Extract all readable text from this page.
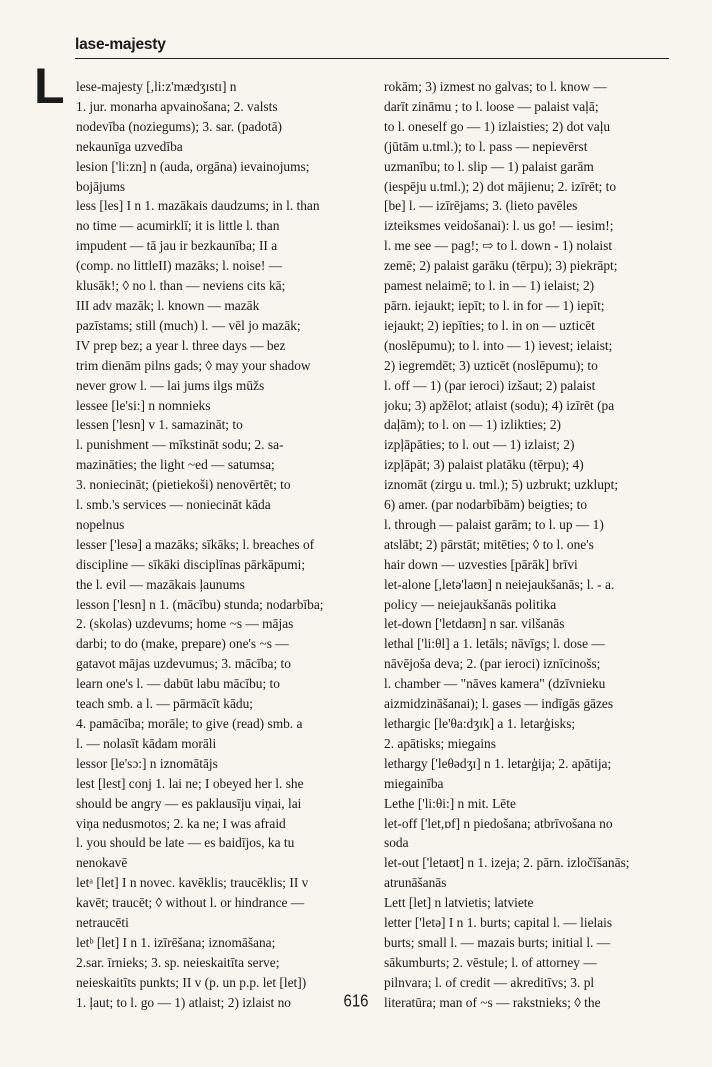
lase-majesty
L lese-majesty [,li:z'mædʒɪstɪ] n
1. jur. monarha apvainošana; 2. valsts
nodevība (noziegums); 3. sar. (padotā)
nekaunīga uzvedība
lesion ['li:zn] n (auda, orgāna) ievainojums;
bojājums
less [les] I n 1. mazākais daudzums; in l. than
no time — acumirklī; it is little l. than
impudent — tā jau ir bezkaunība; II a
(comp. no littleII) mazāks; l. noise! —
klusāk!; ◊ no l. than — neviens cits kā;
III adv mazāk; l. known — mazāk
pazīstams; still (much) l. — vēl jo mazāk;
IV prep bez; a year l. three days — bez
trim dienām pilns gads; ◊ may your shadow
never grow l. — lai jums ilgs mūžs
lessee [le'si:] n nomnieks
lessen ['lesn] v 1. samazināt; to
l. punishment — mīkstināt sodu; 2. sa-
mazināties; the light ~ed — satumsa;
3. noniecināt; (pietiekoši) nenovērtēt; to
l. smb.'s services — noniecināt kāda
nopelnus
lesser ['lesə] a mazāks; sīkāks; l. breaches of
discipline — sīkāki disciplīnas pārkāpumi;
the l. evil — mazākais ļaunums
lesson ['lesn] n 1. (mācību) stunda; nodarbība;
2. (skolas) uzdevums; home ~s — mājas
darbi; to do (make, prepare) one's ~s —
gatavot mājas uzdevumus; 3. mācība; to
learn one's l. — dabūt labu mācību; to
teach smb. a l. — pārmācīt kādu;
4. pamācība; morāle; to give (read) smb. a
l. — nolasīt kādam morāli
lessor [le'sɔ:] n iznomātājs
lest [lest] conj 1. lai ne; I obeyed her l. she
should be angry — es paklausīju viņai, lai
viņa nedusmotos; 2. ka ne; I was afraid
l. you should be late — es baidījos, ka tu
nenokavē
letᵃ [let] I n novec. kavēklis; traucēklis; II v
kavēt; traucēt; ◊ without l. or hindrance —
netraucēti
letᵇ [let] I n 1. izīrēšana; iznomāšana;
2.sar. īrnieks; 3. sp. neieskaitīta serve;
neieskaitīts punkts; II v (p. un p.p. let [let])
1. ļaut; to l. go — 1) atlaist; 2) izlaist no
rokām; 3) izmest no galvas; to l. know —
darīt zināmu ; to l. loose — palaist vaļā;
to l. oneself go — 1) izlaisties; 2) dot vaļu
(jūtām u.tml.); to l. pass — nepievērst
uzmanību; to l. slip — 1) palaist garām
(iespēju u.tml.); 2) dot mājienu; 2. izīrēt; to
[be] l. — izīrējams; 3. (lieto pavēles
izteiksmes veidošanai): l. us go! — iesim!;
l. me see — pag!; ⇨ to l. down - 1) nolaist
zemē; 2) palaist garāku (tērpu); 3) piekrāpt;
pamest nelaimē; to l. in — 1) ielaist; 2)
pārn. iejaukt; iepīt; to l. in for — 1) iepīt;
iejaukt; 2) iepīties; to l. in on — uzticēt
(noslēpumu); to l. into — 1) ievest; ielaist;
2) iegremdēt; 3) uzticēt (noslēpumu); to
l. off — 1) (par ieroci) izšaut; 2) palaist
joku; 3) apžēlot; atlaist (sodu); 4) izīrēt (pa
daļām); to l. on — 1) izlikties; 2)
izpļāpāties; to l. out — 1) izlaist; 2)
izpļāpāt; 3) palaist platāku (tērpu); 4)
iznomāt (zirgu u. tml.); 5) uzbrukt; uzklupt;
6) amer. (par nodarbībām) beigties; to
l. through — palaist garām; to l. up — 1)
atslābt; 2) pārstāt; mitēties; ◊ to l. one's
hair down — uzvesties [pārāk] brīvi
let-alone [,letə'laʊn] n neiejaukšanās; l. - a.
policy — neiejaukšanās politika
let-down ['letdaʊn] n sar. vilšanās
lethal ['li:θl] a 1. letāls; nāvīgs; l. dose —
nāvējoša deva; 2. (par ieroci) iznīcinošs;
l. chamber — "nāves kamera" (dzīvnieku
aizmidzināšanai); l. gases — indīgās gāzes
lethargic [le'θa:dʒɪk] a 1. letarģisks;
2. apātisks; miegains
lethargy ['leθədʒɪ] n 1. letarģija; 2. apātija;
miegainība
Lethe ['li:θi:] n mit. Lēte
let-off ['let,ɒf] n piedošana; atbrīvošana no
soda
let-out ['letaʊt] n 1. izeja; 2. pārn. izločīšanās;
atrunāšanās
Lett [let] n latvietis; latviete
letter ['letə] I n 1. burts; capital l. — lielais
burts; small l. — mazais burts; initial l. —
sākumburts; 2. vēstule; l. of attorney —
pilnvara; l. of credit — akreditīvs; 3. pl
literatūra; man of ~s — rakstnieks; ◊ the
616
